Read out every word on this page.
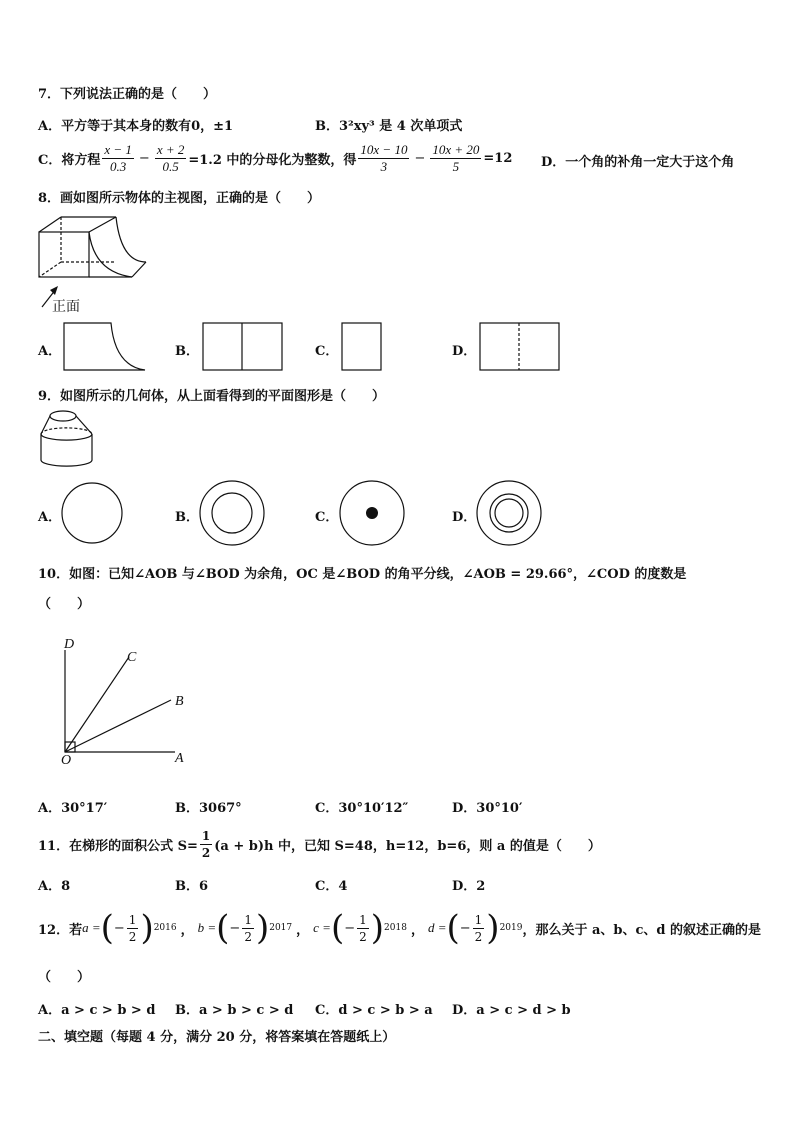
7．下列说法正确的是（　　）
A．平方等于其本身的数有0，±1	B．3²xy³ 是 4 次单项式
C．将方程 $\frac{x - 1}{0.3} - \frac{x + 2}{0.5} =1.2$ 中的分母化为整数，得 $\frac{10x - 10}{3} - \frac{10x + 20}{5} =12$ D．一个角的补角一定大于这个角
8．画如图所示物体的主视图，正确的是（　　）
正面
A．	B．	C．	D．
9．如图所示的几何体，从上面看得到的平面图形是（　　）
A．	B．	C．	D．
10．如图：已知∠AOB 与∠BOD 为余角，OC 是∠BOD 的角平分线，∠AOB = 29.66°，∠COD 的度数是
（　　）
D
C
B
O	A
A．30°17′	B．3067°	C．30°10′12″	D．30°10′
11．在梯形的面积公式 $S= \frac{1}{2} (a + b)h$ 中，已知 S=48，h=12，b=6，则 a 的值是（　　）
A．8	B．6	C．4	D．2
12．若 a = ( − $\frac{1}{2}$ ) 2016 ， b = ( − $\frac{1}{2}$ ) 2017 ， c = ( − $\frac{1}{2}$ ) 2018 ， d = ( − $\frac{1}{2}$ ) 2019 ，那么关于 a、b、c、d 的叙述正确的是
（　　）
A．a > c > b > d B．a > b > c > d C．d > c > b > a D．a > c > d > b
二、填空题（每题 4 分，满分 20 分，将答案填在答题纸上）
